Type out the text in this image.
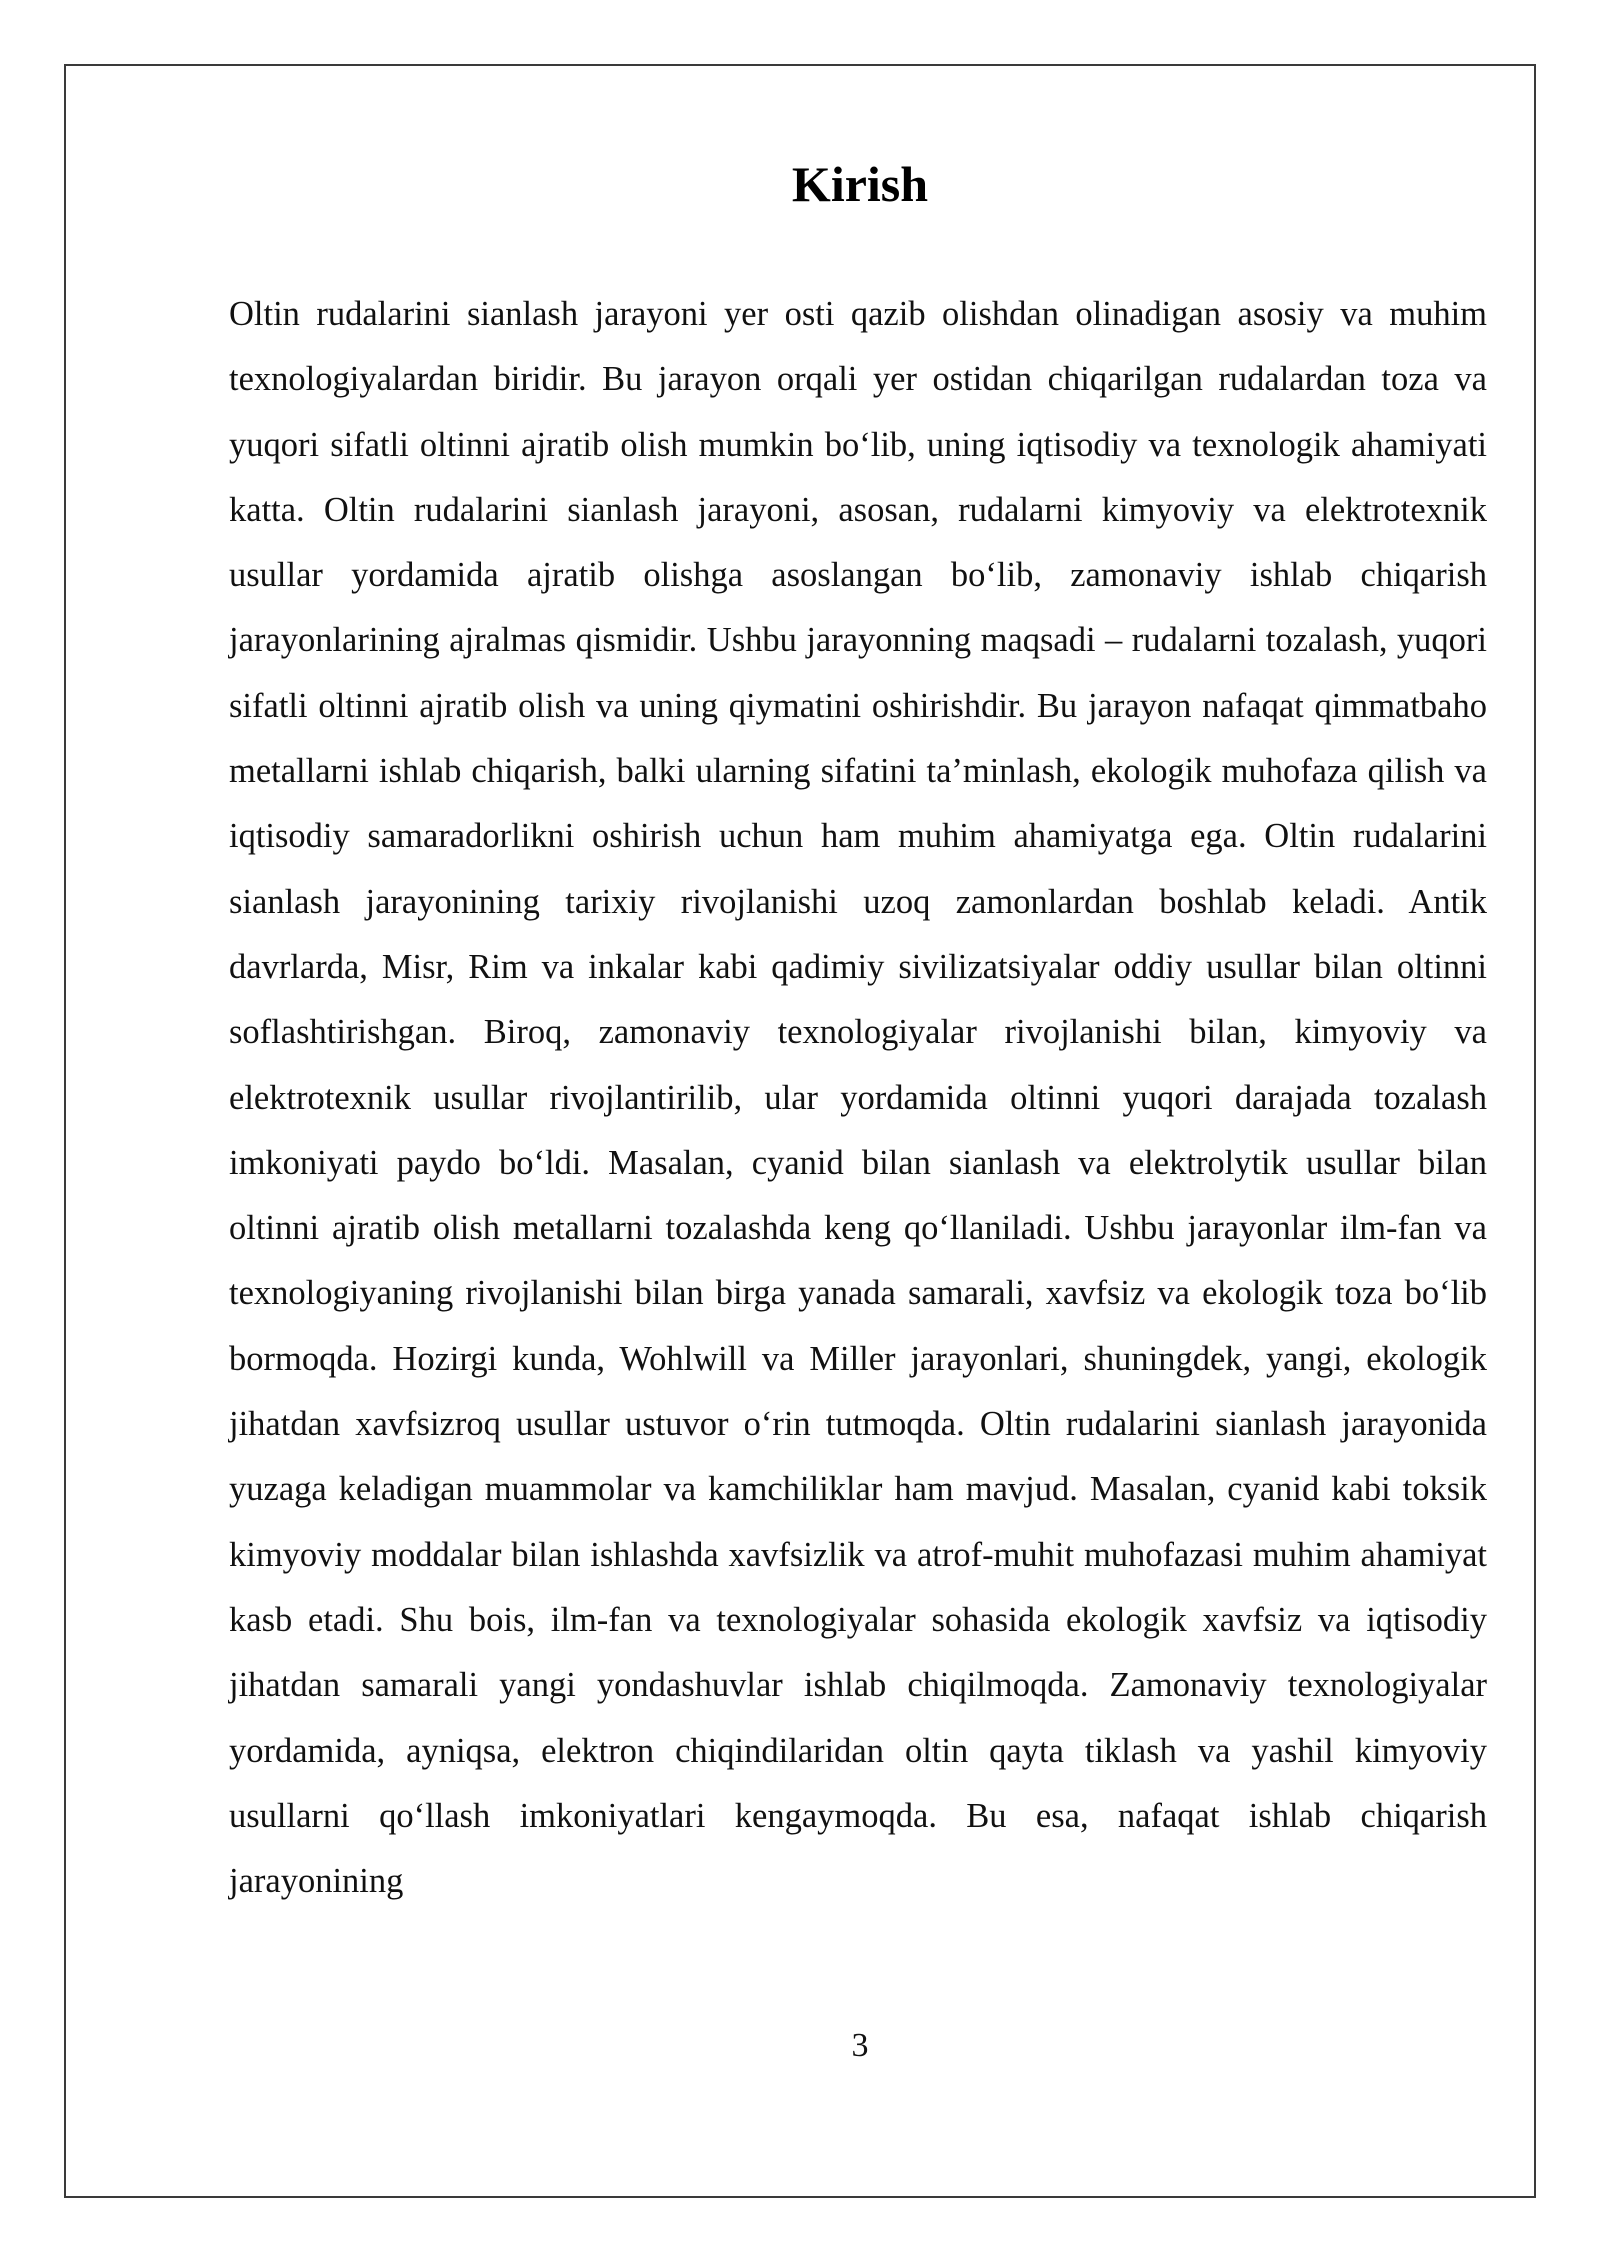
Kirish

Oltin rudalarini sianlash jarayoni yer osti qazib olishdan olinadigan asosiy va muhim texnologiyalardan biridir. Bu jarayon orqali yer ostidan chiqarilgan rudalardan toza va yuqori sifatli oltinni ajratib olish mumkin bo‘lib, uning iqtisodiy va texnologik ahamiyati katta. Oltin rudalarini sianlash jarayoni, asosan, rudalarni kimyoviy va elektrotexnik usullar yordamida ajratib olishga asoslangan bo‘lib, zamonaviy ishlab chiqarish jarayonlarining ajralmas qismidir. Ushbu jarayonning maqsadi – rudalarni tozalash, yuqori sifatli oltinni ajratib olish va uning qiymatini oshirishdir. Bu jarayon nafaqat qimmatbaho metallarni ishlab chiqarish, balki ularning sifatini ta’minlash, ekologik muhofaza qilish va iqtisodiy samaradorlikni oshirish uchun ham muhim ahamiyatga ega. Oltin rudalarini sianlash jarayonining tarixiy rivojlanishi uzoq zamonlardan boshlab keladi. Antik davrlarda, Misr, Rim va inkalar kabi qadimiy sivilizatsiyalar oddiy usullar bilan oltinni soflashtirishgan. Biroq, zamonaviy texnologiyalar rivojlanishi bilan, kimyoviy va elektrotexnik usullar rivojlantirilib, ular yordamida oltinni yuqori darajada tozalash imkoniyati paydo bo‘ldi. Masalan, cyanid bilan sianlash va elektrolytik usullar bilan oltinni ajratib olish metallarni tozalashda keng qo‘llaniladi. Ushbu jarayonlar ilm-fan va texnologiyaning rivojlanishi bilan birga yanada samarali, xavfsiz va ekologik toza bo‘lib bormoqda. Hozirgi kunda, Wohlwill va Miller jarayonlari, shuningdek, yangi, ekologik jihatdan xavfsizroq usullar ustuvor o‘rin tutmoqda. Oltin rudalarini sianlash jarayonida yuzaga keladigan muammolar va kamchiliklar ham mavjud. Masalan, cyanid kabi toksik kimyoviy moddalar bilan ishlashda xavfsizlik va atrof-muhit muhofazasi muhim ahamiyat kasb etadi. Shu bois, ilm-fan va texnologiyalar sohasida ekologik xavfsiz va iqtisodiy jihatdan samarali yangi yondashuvlar ishlab chiqilmoqda. Zamonaviy texnologiyalar yordamida, ayniqsa, elektron chiqindilaridan oltin qayta tiklash va yashil kimyoviy usullarni qo‘llash imkoniyatlari kengaymoqda. Bu esa, nafaqat ishlab chiqarish jarayonining

3
